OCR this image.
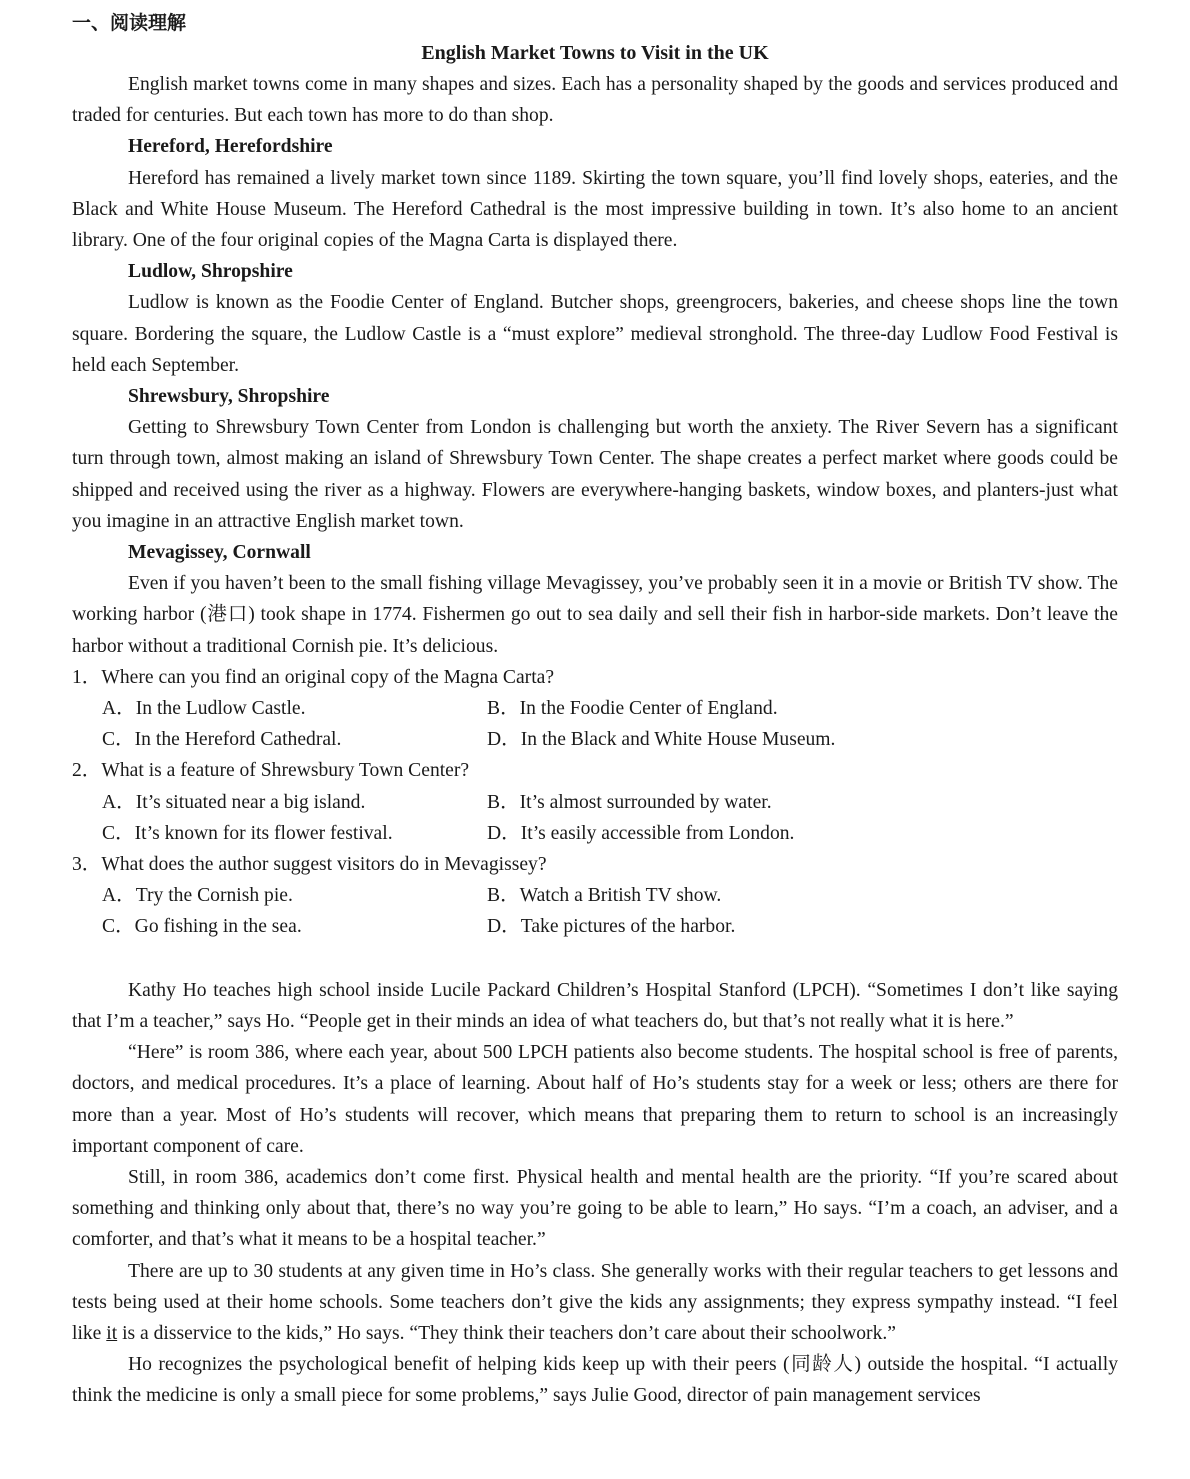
一、阅读理解
English Market Towns to Visit in the UK

English market towns come in many shapes and sizes. Each has a personality shaped by the goods and services produced and traded for centuries. But each town has more to do than shop.

Hereford, Herefordshire

Hereford has remained a lively market town since 1189. Skirting the town square, you’ll find lovely shops, eateries, and the Black and White House Museum. The Hereford Cathedral is the most impressive building in town. It’s also home to an ancient library. One of the four original copies of the Magna Carta is displayed there.

Ludlow, Shropshire

Ludlow is known as the Foodie Center of England. Butcher shops, greengrocers, bakeries, and cheese shops line the town square. Bordering the square, the Ludlow Castle is a “must explore” medieval stronghold. The three-day Ludlow Food Festival is held each September.

Shrewsbury, Shropshire

Getting to Shrewsbury Town Center from London is challenging but worth the anxiety. The River Severn has a significant turn through town, almost making an island of Shrewsbury Town Center. The shape creates a perfect market where goods could be shipped and received using the river as a highway. Flowers are everywhere-hanging baskets, window boxes, and planters-just what you imagine in an attractive English market town.

Mevagissey, Cornwall

Even if you haven’t been to the small fishing village Mevagissey, you’ve probably seen it in a movie or British TV show. The working harbor (港口) took shape in 1774. Fishermen go out to sea daily and sell their fish in harbor-side markets. Don’t leave the harbor without a traditional Cornish pie. It’s delicious.

1．Where can you find an original copy of the Magna Carta?
A．In the Ludlow Castle.	B．In the Foodie Center of England.
C．In the Hereford Cathedral.	D．In the Black and White House Museum.
2．What is a feature of Shrewsbury Town Center?
A．It’s situated near a big island.	B．It’s almost surrounded by water.
C．It’s known for its flower festival.	D．It’s easily accessible from London.
3．What does the author suggest visitors do in Mevagissey?
A．Try the Cornish pie.	B．Watch a British TV show.
C．Go fishing in the sea.	D．Take pictures of the harbor.

Kathy Ho teaches high school inside Lucile Packard Children’s Hospital Stanford (LPCH). “Sometimes I don’t like saying that I’m a teacher,” says Ho. “People get in their minds an idea of what teachers do, but that’s not really what it is here.”

“Here” is room 386, where each year, about 500 LPCH patients also become students. The hospital school is free of parents, doctors, and medical procedures. It’s a place of learning. About half of Ho’s students stay for a week or less; others are there for more than a year. Most of Ho’s students will recover, which means that preparing them to return to school is an increasingly important component of care.

Still, in room 386, academics don’t come first. Physical health and mental health are the priority. “If you’re scared about something and thinking only about that, there’s no way you’re going to be able to learn,” Ho says. “I’m a coach, an adviser, and a comforter, and that’s what it means to be a hospital teacher.”

There are up to 30 students at any given time in Ho’s class. She generally works with their regular teachers to get lessons and tests being used at their home schools. Some teachers don’t give the kids any assignments; they express sympathy instead. “I feel like it is a disservice to the kids,” Ho says. “They think their teachers don’t care about their schoolwork.”

Ho recognizes the psychological benefit of helping kids keep up with their peers (同龄人) outside the hospital. “I actually think the medicine is only a small piece for some problems,” says Julie Good, director of pain management services
